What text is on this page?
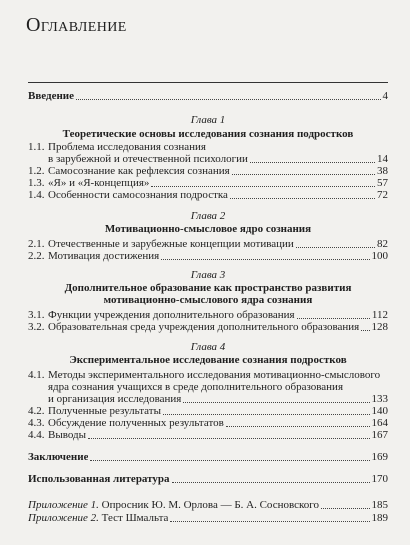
Оглавление
Введение	4
Глава 1
Теоретические основы исследования сознания подростков
1.1. Проблема исследования сознания
в зарубежной и отечественной психологии	14
1.2. Самосознание как рефлексия сознания	38
1.3. «Я» и «Я-концепция»	57
1.4. Особенности самосознания подростка	72
Глава 2
Мотивационно-смысловое ядро сознания
2.1. Отечественные и зарубежные концепции мотивации	82
2.2. Мотивация достижения	100
Глава 3
Дополнительное образование как пространство развития
мотивационно-смыслового ядра сознания
3.1. Функции учреждения дополнительного образования	112
3.2. Образовательная среда учреждения дополнительного образования 128
Глава 4
Экспериментальное исследование сознания подростков
4.1. Методы экспериментального исследования мотивационно-смыслового
ядра сознания учащихся в среде дополнительного образования
и организация исследования	133
4.2. Полученные результаты	140
4.3. Обсуждение полученных результатов	164
4.4. Выводы	167
Заключение	169
Использованная литература	170
Приложение 1. Опросник Ю. М. Орлова — Б. А. Сосновского	185
Приложение 2. Тест Шмальта	189
